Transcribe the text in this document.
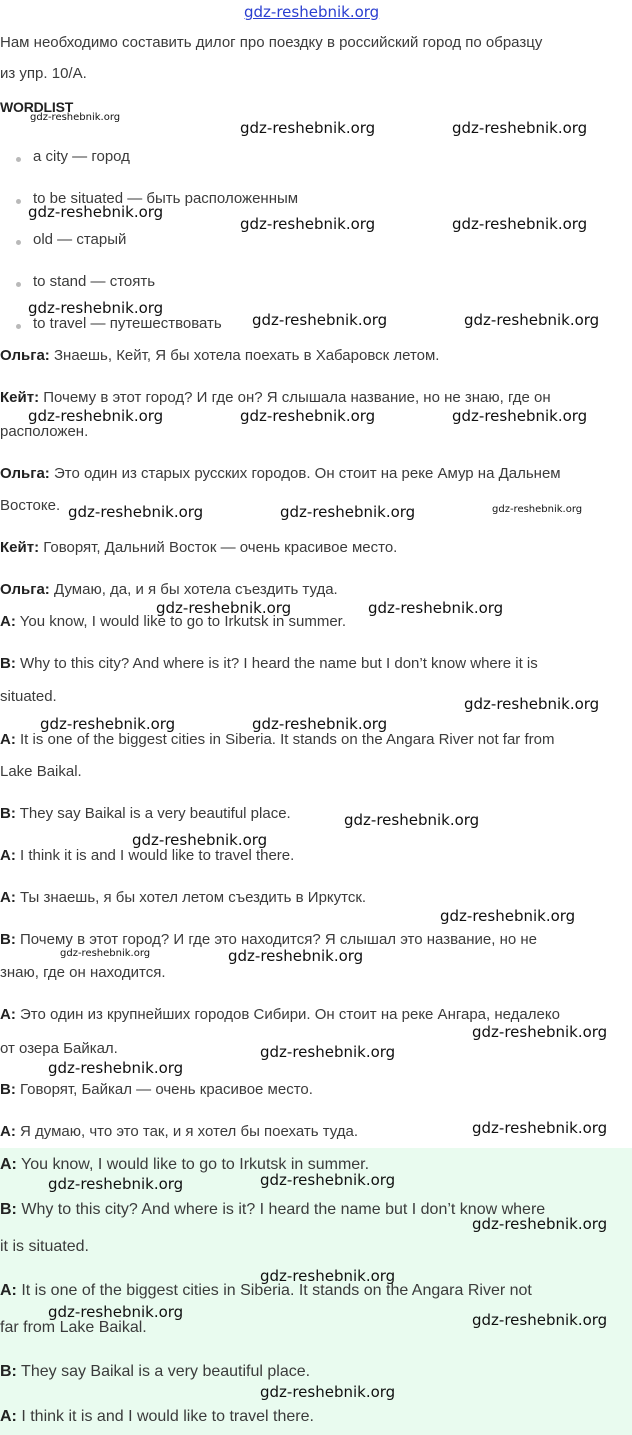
gdz-reshebnik.org

Нам необходимо составить дилог про поездку в российский город по образцу

из упр. 10/А.

WORDLIST

a city — город

to be situated — быть расположенным

old — старый

to stand — стоять

to travel — путешествовать

Ольга: Знаешь, Кейт, Я бы хотела поехать в Хабаровск летом.

Кейт: Почему в этот город? И где он? Я слышала название, но не знаю, где он

расположен.

Ольга: Это один из старых русских городов. Он стоит на реке Амур на Дальнем

Востоке.

Кейт: Говорят, Дальний Восток — очень красивое место.

Ольга: Думаю, да, и я бы хотела съездить туда.

A: You know, I would like to go to Irkutsk in summer.

B: Why to this city? And where is it? I heard the name but I don’t know where it is

situated.

A: It is one of the biggest cities in Siberia. It stands on the Angara River not far from

Lake Baikal.

B: They say Baikal is a very beautiful place.

A: I think it is and I would like to travel there.

A: Ты знаешь, я бы хотел летом съездить в Иркутск.

B: Почему в этот город? И где это находится? Я слышал это название, но не

знаю, где он находится.

A: Это один из крупнейших городов Сибири. Он стоит на реке Ангара, недалеко

от озера Байкал.

B: Говорят, Байкал — очень красивое место.

A: Я думаю, что это так, и я хотел бы поехать туда.

A: You know, I would like to go to Irkutsk in summer.

B: Why to this city? And where is it? I heard the name but I don’t know where

it is situated.

A: It is one of the biggest cities in Siberia. It stands on the Angara River not

far from Lake Baikal.

B: They say Baikal is a very beautiful place.

A: I think it is and I would like to travel there.

gdz-reshebnik.org
gdz-reshebnik.org	gdz-reshebnik.org
gdz-reshebnik.org
gdz-reshebnik.org	gdz-reshebnik.org
gdz-reshebnik.org
gdz-reshebnik.org	gdz-reshebnik.org
gdz-reshebnik.org	gdz-reshebnik.org	gdz-reshebnik.org
gdz-reshebnik.org	gdz-reshebnik.org	gdz-reshebnik.org
gdz-reshebnik.org	gdz-reshebnik.org
gdz-reshebnik.org
gdz-reshebnik.org	gdz-reshebnik.org
gdz-reshebnik.org
gdz-reshebnik.org
gdz-reshebnik.org
gdz-reshebnik.org	gdz-reshebnik.org
gdz-reshebnik.org
gdz-reshebnik.org
gdz-reshebnik.org
gdz-reshebnik.org
gdz-reshebnik.org
gdz-reshebnik.org
gdz-reshebnik.org
gdz-reshebnik.org
gdz-reshebnik.org	gdz-reshebnik.org
gdz-reshebnik.org
